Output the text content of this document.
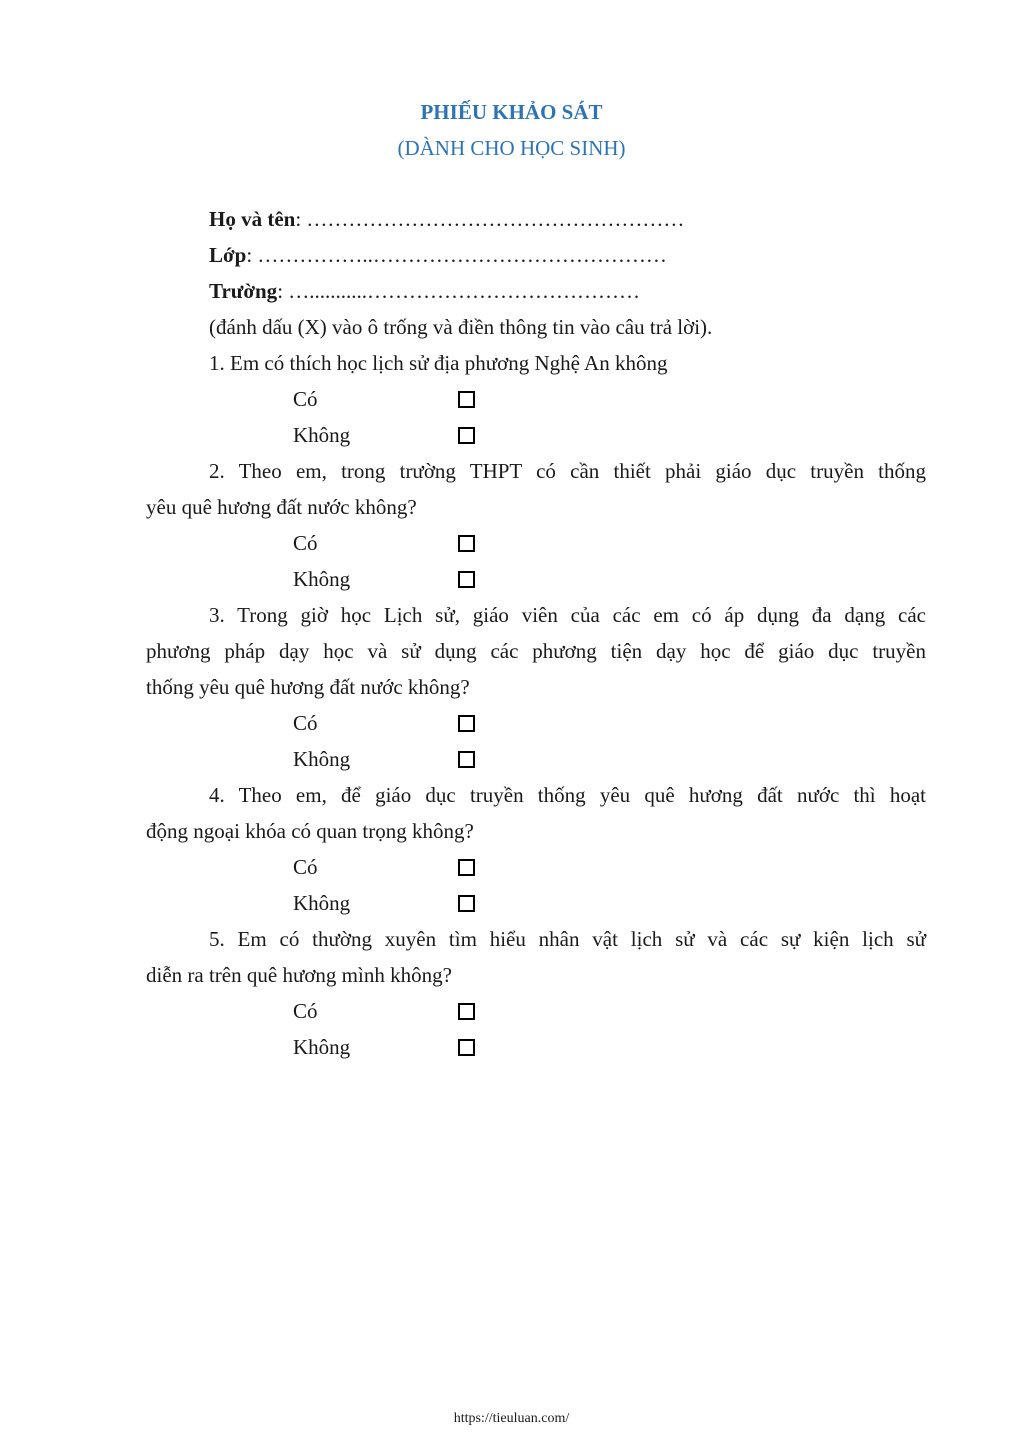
PHIẾU KHẢO SÁT
(DÀNH CHO HỌC SINH)
Họ và tên: ………………………………………………
Lớp: ……………..……………………………………
Trường: …...........…………………………………
(đánh dấu (X) vào ô trống và điền thông tin vào câu trả lời).
1. Em có thích học lịch sử địa phương Nghệ An không
Có
Không
2. Theo em, trong trường THPT có cần thiết phải giáo dục truyền thống
yêu quê hương đất nước không?
Có
Không
3. Trong giờ học Lịch sử, giáo viên của các em có áp dụng đa dạng các
phương pháp dạy học và sử dụng các phương tiện dạy học để giáo dục truyền
thống yêu quê hương đất nước không?
Có
Không
4. Theo em, để giáo dục truyền thống yêu quê hương đất nước thì hoạt
động ngoại khóa có quan trọng không?
Có
Không
5. Em có thường xuyên tìm hiểu nhân vật lịch sử và các sự kiện lịch sử
diễn ra trên quê hương mình không?
Có
Không
https://tieuluan.com/
